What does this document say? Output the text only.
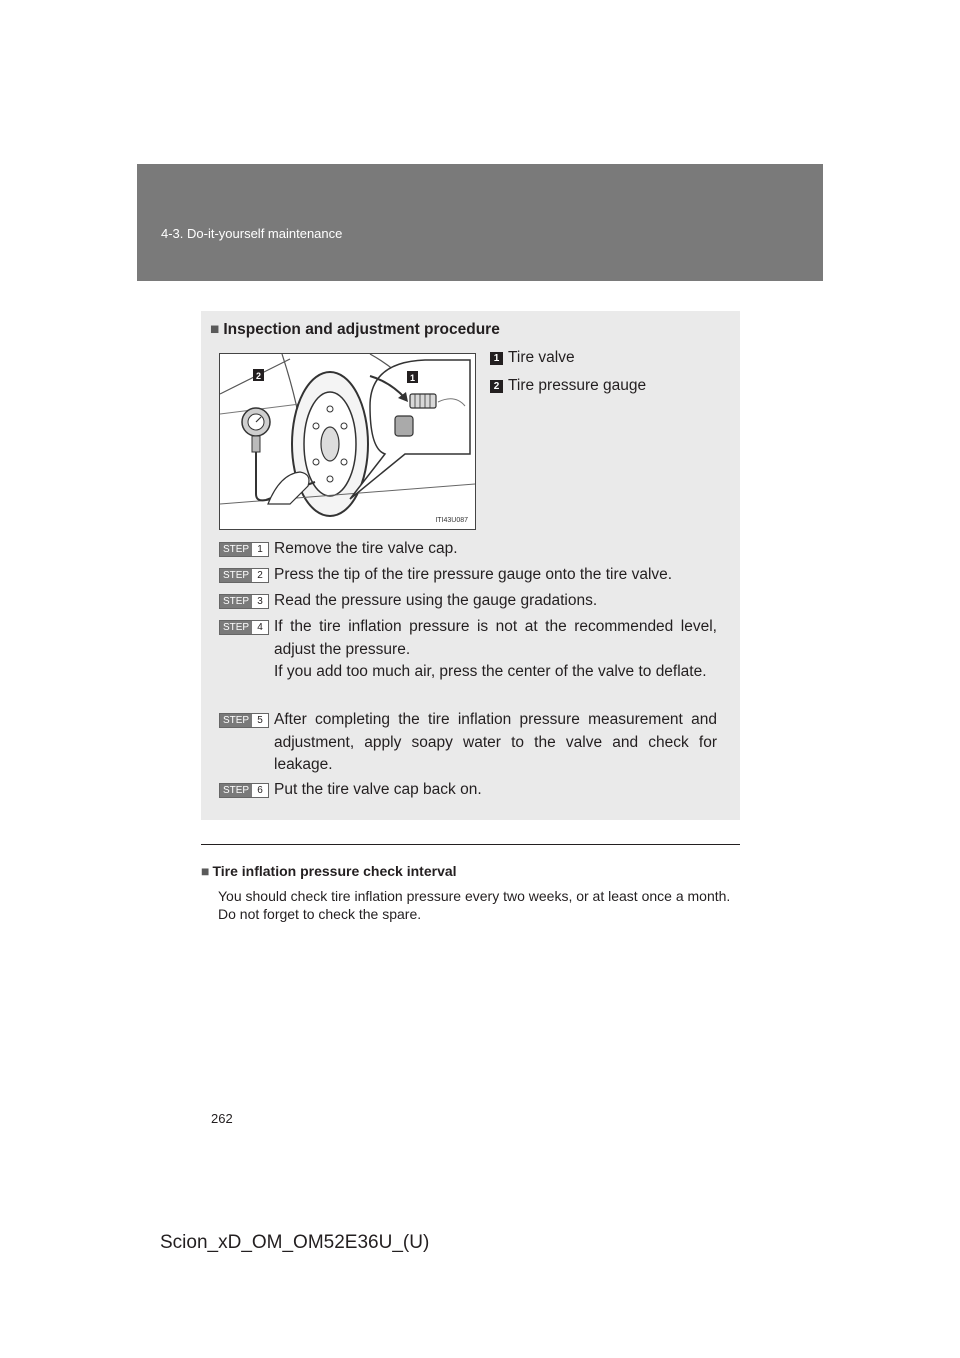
4-3. Do-it-yourself maintenance
■ Inspection and adjustment procedure
2	1
ITI43U087
1 Tire valve
2 Tire pressure gauge
STEP 1 Remove the tire valve cap.
STEP 2 Press the tip of the tire pressure gauge onto the tire valve.
STEP 3 Read the pressure using the gauge gradations.
STEP 4 If the tire inflation pressure is not at the recommended level, adjust the pressure.
If you add too much air, press the center of the valve to deflate.
STEP 5 After completing the tire inflation pressure measurement and adjustment, apply soapy water to the valve and check for leakage.
STEP 6 Put the tire valve cap back on.
■ Tire inflation pressure check interval
You should check tire inflation pressure every two weeks, or at least once a month.
Do not forget to check the spare.
262
Scion_xD_OM_OM52E36U_(U)
